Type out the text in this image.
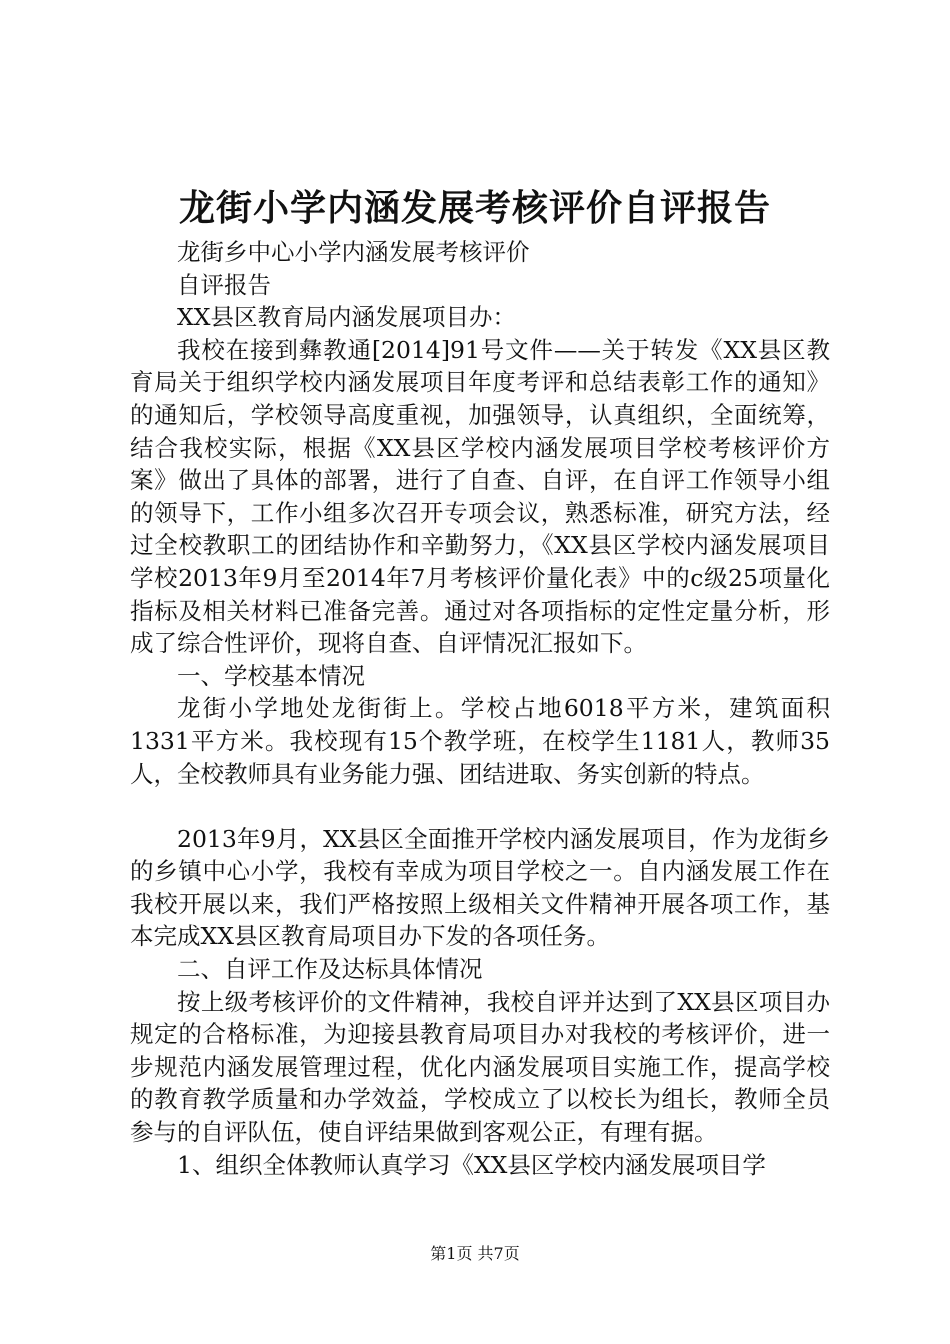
龙街小学内涵发展考核评价自评报告

龙街乡中心小学内涵发展考核评价

自评报告

XX县区教育局内涵发展项目办：

我校在接到彝教通[2014]91号文件——关于转发《XX县区教育局关于组织学校内涵发展项目年度考评和总结表彰工作的通知》的通知后，学校领导高度重视，加强领导，认真组织，全面统筹，结合我校实际，根据《XX县区学校内涵发展项目学校考核评价方案》做出了具体的部署，进行了自查、自评，在自评工作领导小组的领导下，工作小组多次召开专项会议，熟悉标准，研究方法，经过全校教职工的团结协作和辛勤努力，《XX县区学校内涵发展项目学校2013年9月至2014年7月考核评价量化表》中的c级25项量化指标及相关材料已准备完善。通过对各项指标的定性定量分析，形成了综合性评价，现将自查、自评情况汇报如下。

一、学校基本情况

龙街小学地处龙街街上。学校占地6018平方米，建筑面积1331平方米。我校现有15个教学班，在校学生1181人，教师35人，全校教师具有业务能力强、团结进取、务实创新的特点。

2013年9月，XX县区全面推开学校内涵发展项目，作为龙街乡的乡镇中心小学，我校有幸成为项目学校之一。自内涵发展工作在我校开展以来，我们严格按照上级相关文件精神开展各项工作，基本完成XX县区教育局项目办下发的各项任务。

二、自评工作及达标具体情况

按上级考核评价的文件精神，我校自评并达到了XX县区项目办规定的合格标准，为迎接县教育局项目办对我校的考核评价，进一步规范内涵发展管理过程，优化内涵发展项目实施工作，提高学校的教育教学质量和办学效益，学校成立了以校长为组长，教师全员参与的自评队伍，使自评结果做到客观公正，有理有据。

1、组织全体教师认真学习《XX县区学校内涵发展项目学

第1页 共7页
